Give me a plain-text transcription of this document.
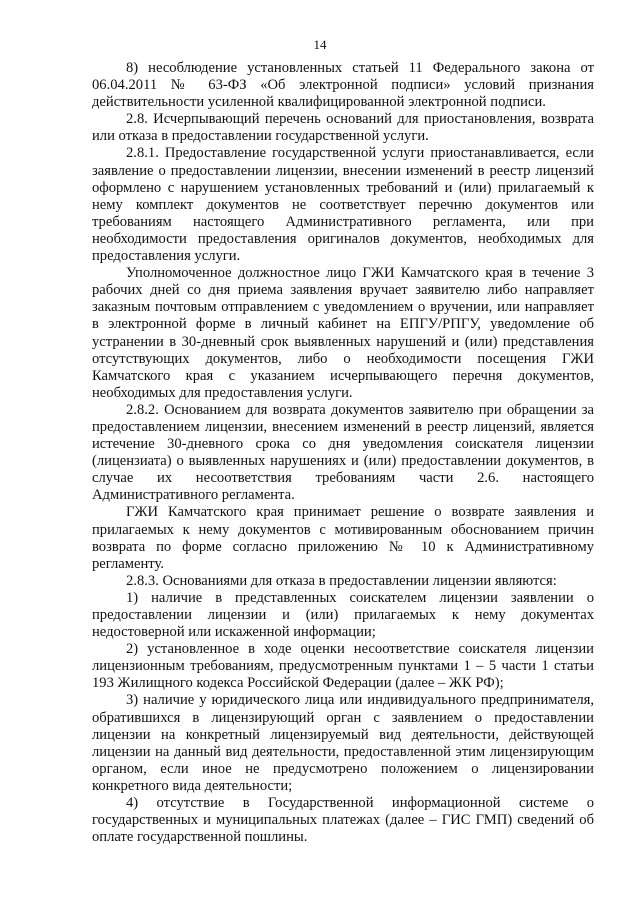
14

8) несоблюдение установленных статьей 11 Федерального закона от 06.04.2011 № 63-ФЗ «Об электронной подписи» условий признания действительности усиленной квалифицированной электронной подписи.

2.8. Исчерпывающий перечень оснований для приостановления, возврата или отказа в предоставлении государственной услуги.

2.8.1. Предоставление государственной услуги приостанавливается, если заявление о предоставлении лицензии, внесении изменений в реестр лицензий оформлено с нарушением установленных требований и (или) прилагаемый к нему комплект документов не соответствует перечню документов или требованиям настоящего Административного регламента, или при необходимости предоставления оригиналов документов, необходимых для предоставления услуги.

Уполномоченное должностное лицо ГЖИ Камчатского края в течение 3 рабочих дней со дня приема заявления вручает заявителю либо направляет заказным почтовым отправлением с уведомлением о вручении, или направляет в электронной форме в личный кабинет на ЕПГУ/РПГУ, уведомление об устранении в 30-дневный срок выявленных нарушений и (или) представления отсутствующих документов, либо о необходимости посещения ГЖИ Камчатского края с указанием исчерпывающего перечня документов, необходимых для предоставления услуги.

2.8.2. Основанием для возврата документов заявителю при обращении за предоставлением лицензии, внесением изменений в реестр лицензий, является истечение 30-дневного срока со дня уведомления соискателя лицензии (лицензиата) о выявленных нарушениях и (или) предоставлении документов, в случае их несоответствия требованиям части 2.6. настоящего Административного регламента.

ГЖИ Камчатского края принимает решение о возврате заявления и прилагаемых к нему документов с мотивированным обоснованием причин возврата по форме согласно приложению № 10 к Административному регламенту.

2.8.3. Основаниями для отказа в предоставлении лицензии являются:

1) наличие в представленных соискателем лицензии заявлении о предоставлении лицензии и (или) прилагаемых к нему документах недостоверной или искаженной информации;

2) установленное в ходе оценки несоответствие соискателя лицензии лицензионным требованиям, предусмотренным пунктами 1 – 5 части 1 статьи 193 Жилищного кодекса Российской Федерации (далее – ЖК РФ);

3) наличие у юридического лица или индивидуального предпринимателя, обратившихся в лицензирующий орган с заявлением о предоставлении лицензии на конкретный лицензируемый вид деятельности, действующей лицензии на данный вид деятельности, предоставленной этим лицензирующим органом, если иное не предусмотрено положением о лицензировании конкретного вида деятельности;

4) отсутствие в Государственной информационной системе о государственных и муниципальных платежах (далее – ГИС ГМП) сведений об оплате государственной пошлины.
